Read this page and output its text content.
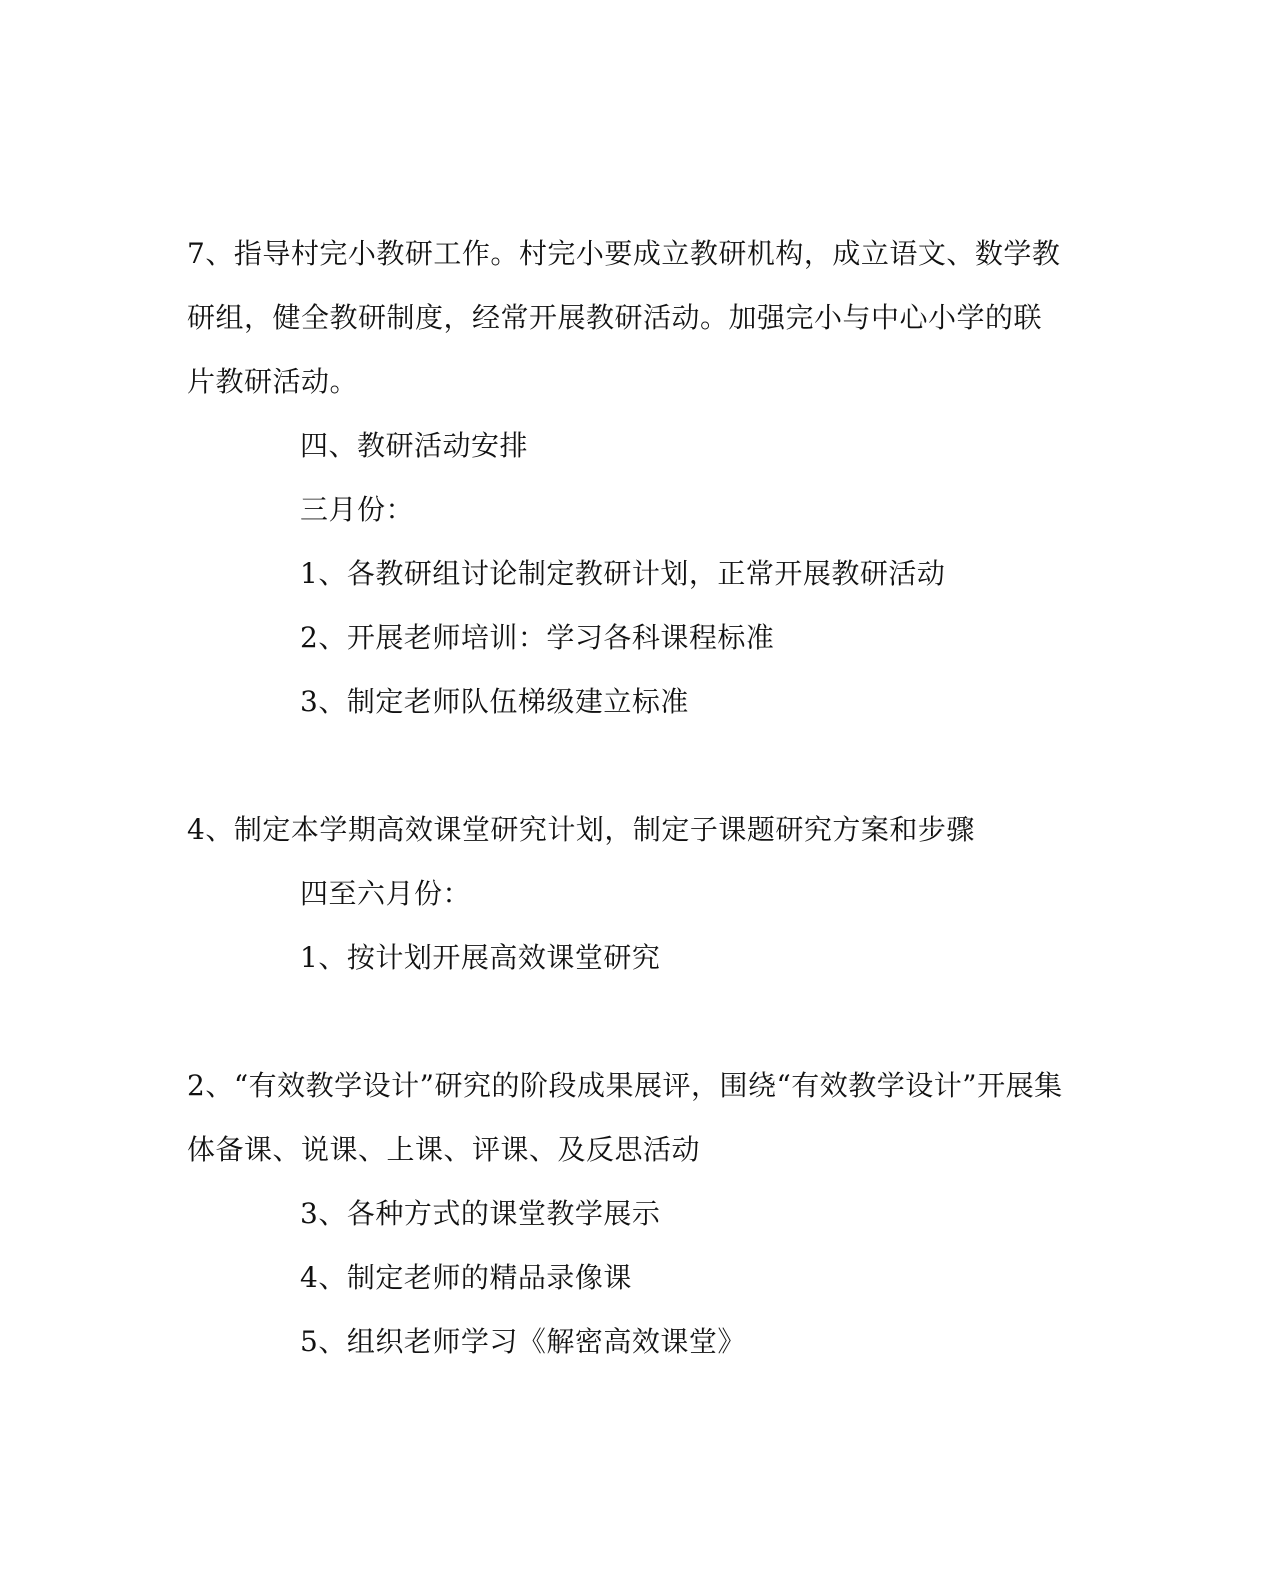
7、指导村完小教研工作。村完小要成立教研机构，成立语文、数学教

研组，健全教研制度，经常开展教研活动。加强完小与中心小学的联

片教研活动。

四、教研活动安排

三月份：

1、各教研组讨论制定教研计划，正常开展教研活动

2、开展老师培训：学习各科课程标准

3、制定老师队伍梯级建立标准

4、制定本学期高效课堂研究计划，制定子课题研究方案和步骤

四至六月份：

1、按计划开展高效课堂研究

2、“有效教学设计”研究的阶段成果展评，围绕“有效教学设计”开展集

体备课、说课、上课、评课、及反思活动

3、各种方式的课堂教学展示

4、制定老师的精品录像课

5、组织老师学习《解密高效课堂》
